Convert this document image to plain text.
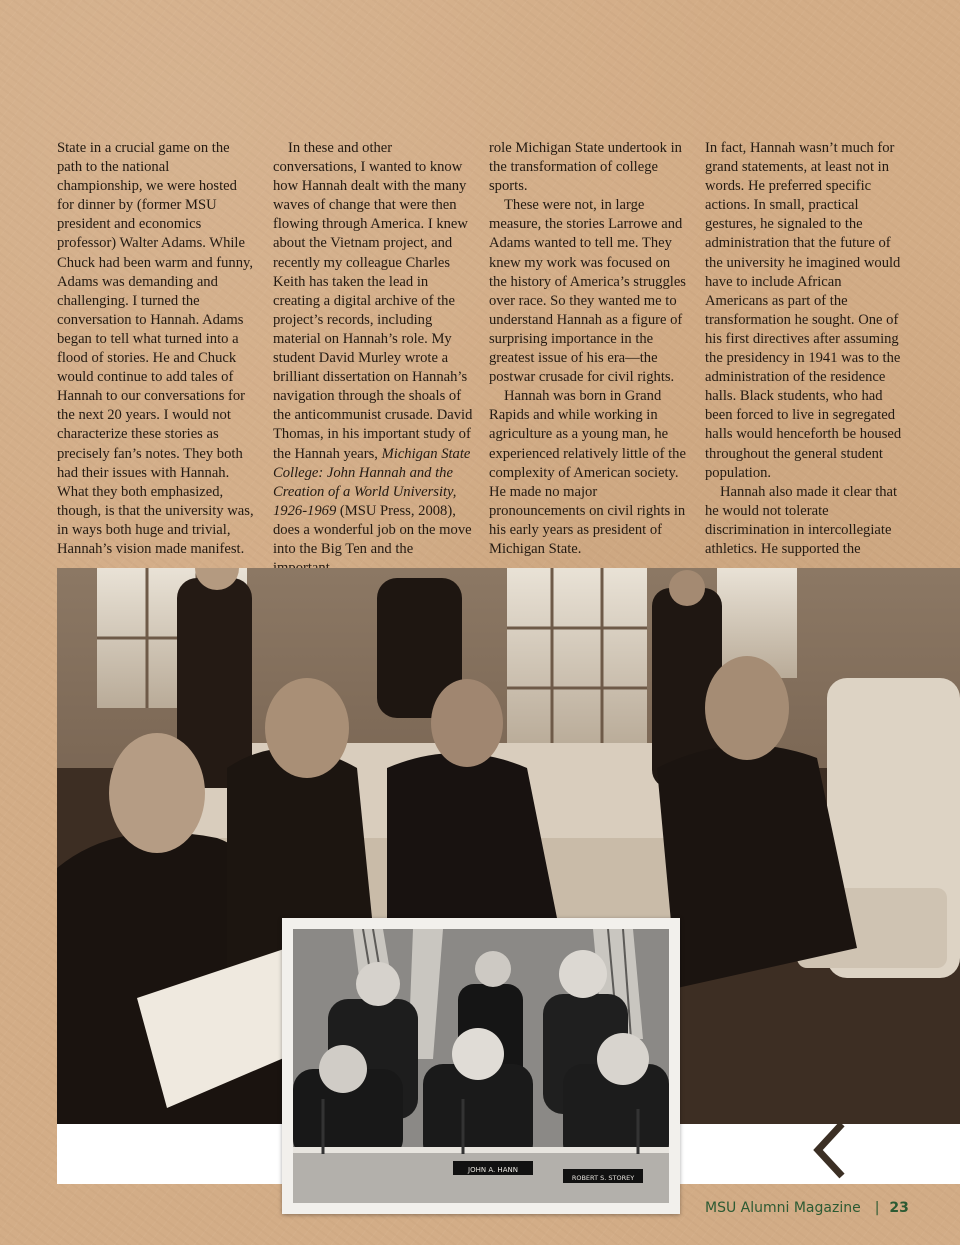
State in a crucial game on the path to the national championship, we were hosted for dinner by (former MSU president and economics professor) Walter Adams. While Chuck had been warm and funny, Adams was demanding and challenging. I turned the conversation to Hannah. Adams began to tell what turned into a flood of stories. He and Chuck would continue to add tales of Hannah to our conversations for the next 20 years. I would not characterize these stories as precisely fan’s notes. They both had their issues with Hannah. What they both emphasized, though, is that the university was, in ways both huge and trivial, Hannah’s vision made manifest.

In these and other conversations, I wanted to know how Hannah dealt with the many waves of change that were then flowing through America. I knew about the Vietnam project, and recently my colleague Charles Keith has taken the lead in creating a digital archive of the project’s records, including material on Hannah’s role. My student David Murley wrote a brilliant dissertation on Hannah’s navigation through the shoals of the anticommunist crusade. David Thomas, in his important study of the Hannah years, Michigan State College: John Hannah and the Creation of a World University, 1926-1969 (MSU Press, 2008), does a wonderful job on the move into the Big Ten and the

role Michigan State undertook in the transformation of college sports.

These were not, in large measure, the stories Larrowe and Adams wanted to tell me. They knew my work was focused on the history of America’s struggles over race. So they wanted me to understand Hannah as a figure of surprising importance in the greatest issue of his era—the postwar crusade for civil rights.

Hannah was born in Grand Rapids and while working in agriculture as a young man, he experienced relatively little of the complexity of American society. He made no major pronouncements on civil rights in his early years as president of Michigan State.

In fact, Hannah wasn’t much for grand statements, at least not in words. He preferred specific actions. In small, practical gestures, he signaled to the administration that the future of the university he imagined would have to include African Americans as part of the transformation he sought. One of his first directives after assuming the presidency in 1941 was to the administration of the residence halls. Black students, who had been forced to live in segregated halls would henceforth be housed throughout the general student population.

Hannah also made it clear that he would not tolerate discrimination in intercollegiate athletics. He supported the

JOHN A. HANN
ROBERT S. STOREY
MSU Alumni Magazine | 23
